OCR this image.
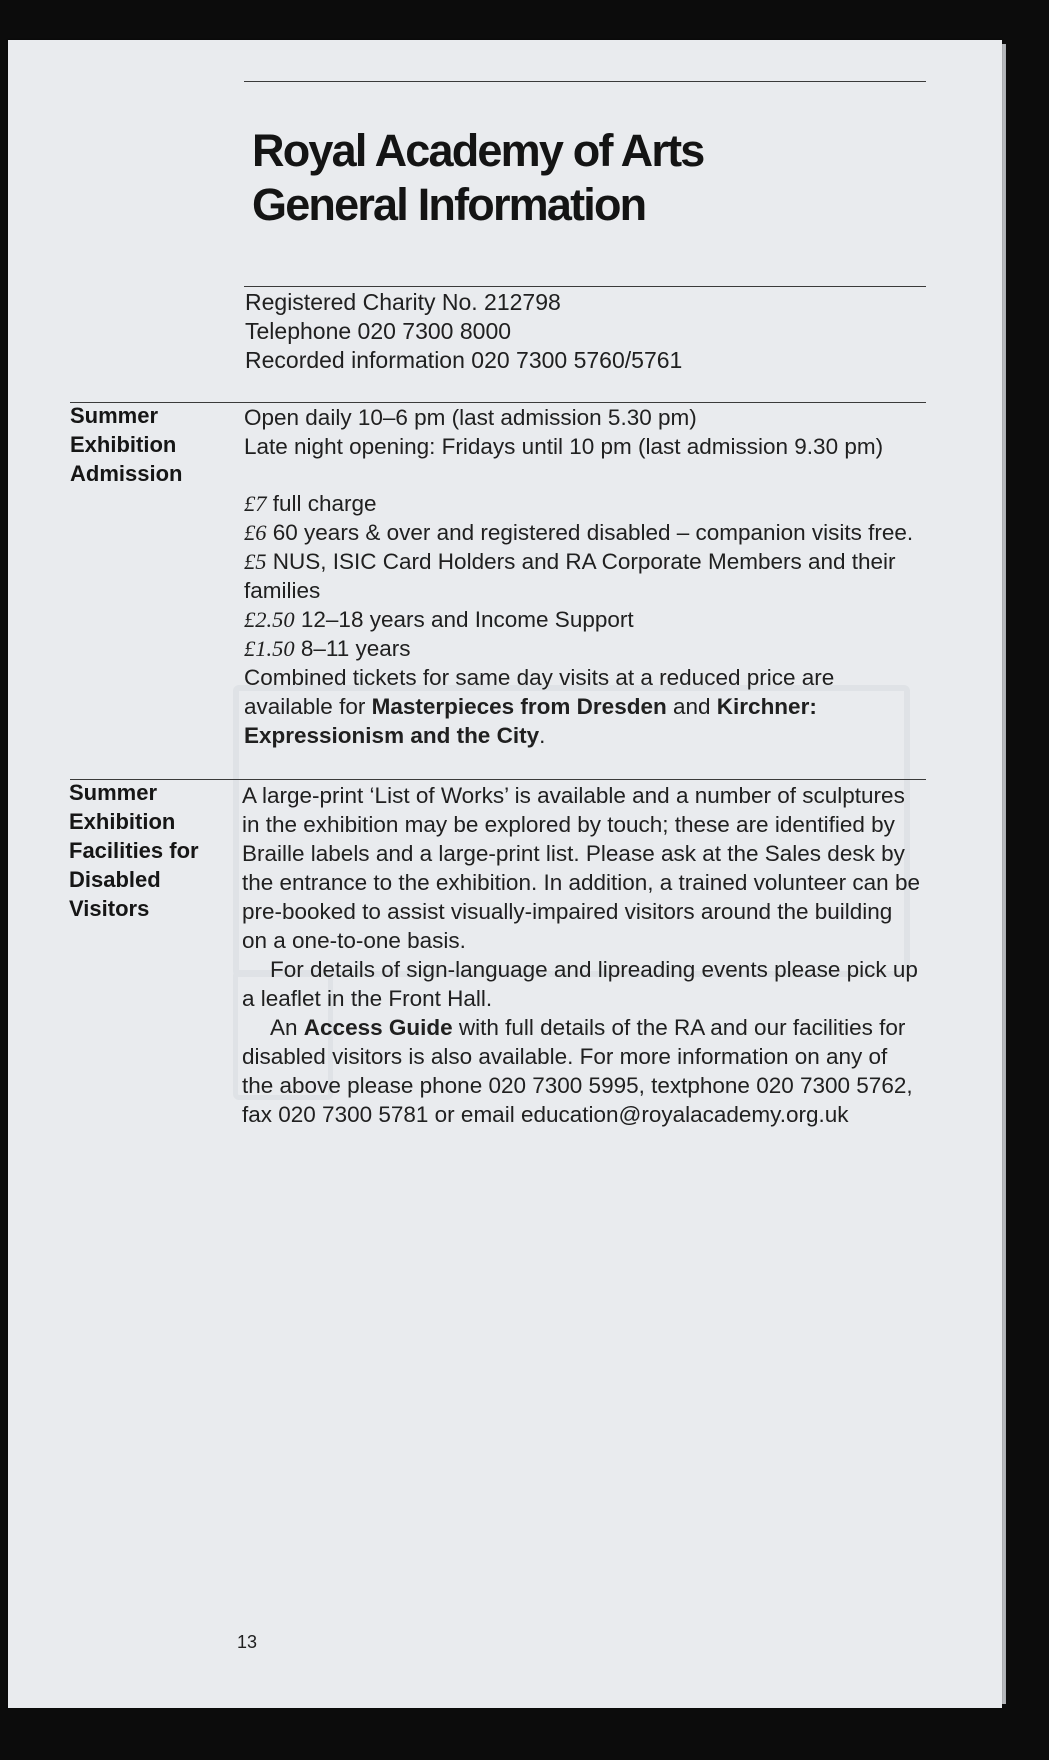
Royal Academy of Arts
General Information
Registered Charity No. 212798
Telephone 020 7300 8000
Recorded information 020 7300 5760/5761
Summer Exhibition Admission
Open daily 10–6 pm (last admission 5.30 pm)
Late night opening: Fridays until 10 pm (last admission 9.30 pm)
£7 full charge
£6 60 years & over and registered disabled – companion visits free.
£5 NUS, ISIC Card Holders and RA Corporate Members and their families
£2.50 12–18 years and Income Support
£1.50 8–11 years
Combined tickets for same day visits at a reduced price are available for Masterpieces from Dresden and Kirchner: Expressionism and the City.
Summer Exhibition Facilities for Disabled Visitors
A large-print ‘List of Works’ is available and a number of sculptures in the exhibition may be explored by touch; these are identified by Braille labels and a large-print list. Please ask at the Sales desk by the entrance to the exhibition. In addition, a trained volunteer can be pre-booked to assist visually-impaired visitors around the building on a one-to-one basis.
For details of sign-language and lipreading events please pick up a leaflet in the Front Hall.
An Access Guide with full details of the RA and our facilities for disabled visitors is also available. For more information on any of the above please phone 020 7300 5995, textphone 020 7300 5762, fax 020 7300 5781 or email education@royalacademy.org.uk
13
